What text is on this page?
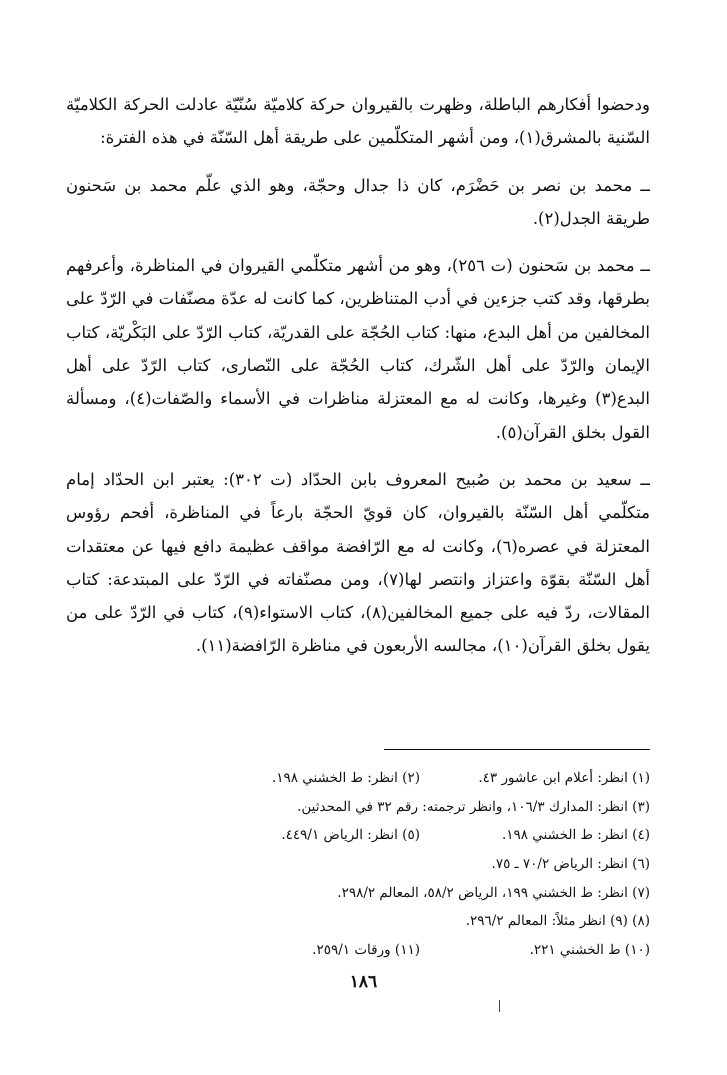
ودحضوا أفكارهم الباطلة، وظهرت بالقيروان حركة كلاميّة سُنّيّة عادلت الحركة الكلاميّة السّنية بالمشرق(١)، ومن أشهر المتكلّمين على طريقة أهل السّنّة في هذه الفترة:

ــ محمد بن نصر بن حَضْرَم، كان ذا جدال وحجّة، وهو الذي علّم محمد بن سَحنون طريقة الجدل(٢).

ــ محمد بن سَحنون (ت ٢٥٦)، وهو من أشهر متكلّمي القيروان في المناظرة، وأعرفهم بطرقها، وقد كتب جزءين في أدب المتناظرين، كما كانت له عدّة مصنّفات في الرّدّ على المخالفين من أهل البدع، منها: كتاب الحُجّة على القدريّة، كتاب الرّدّ على البَكْريّة، كتاب الإيمان والرّدّ على أهل الشّرك، كتاب الحُجّة على النّصارى، كتاب الرّدّ على أهل البدع(٣) وغيرها، وكانت له مع المعتزلة مناظرات في الأسماء والصّفات(٤)، ومسألة القول بخلق القرآن(٥).

ــ سعيد بن محمد بن صُبيح المعروف بابن الحدّاد (ت ٣٠٢): يعتبر ابن الحدّاد إمام متكلّمي أهل السّنّة بالقيروان، كان قويّ الحجّة بارعاً في المناظرة، أفحم رؤوس المعتزلة في عصره(٦)، وكانت له مع الرّافضة مواقف عظيمة دافع فيها عن معتقدات أهل السّنّة بقوّة واعتزاز وانتصر لها(٧)، ومن مصنّفاته في الرّدّ على المبتدعة: كتاب المقالات، ردّ فيه على جميع المخالفين(٨)، كتاب الاستواء(٩)، كتاب في الرّدّ على من يقول بخلق القرآن(١٠)، مجالسه الأربعون في مناظرة الرّافضة(١١).

(١) انظر: أعلام ابن عاشور ٤٣.
(٢) انظر: ط الخشني ١٩٨.
(٣) انظر: المدارك ١٠٦/٣، وانظر ترجمته: رقم ٣٢ في المحدثين.
(٤) انظر: ط الخشني ١٩٨.
(٥) انظر: الرياض ٤٤٩/١.
(٦) انظر: الرياض ٧٠/٢ ـ ٧٥.
(٧) انظر: ط الخشني ١٩٩، الرياض ٥٨/٢، المعالم ٢٩٨/٢.
(٨) (٩) انظر مثلاً: المعالم ٢٩٦/٢.
(١٠) ط الخشني ٢٢١.
(١١) ورقات ٢٥٩/١.
١٨٦
